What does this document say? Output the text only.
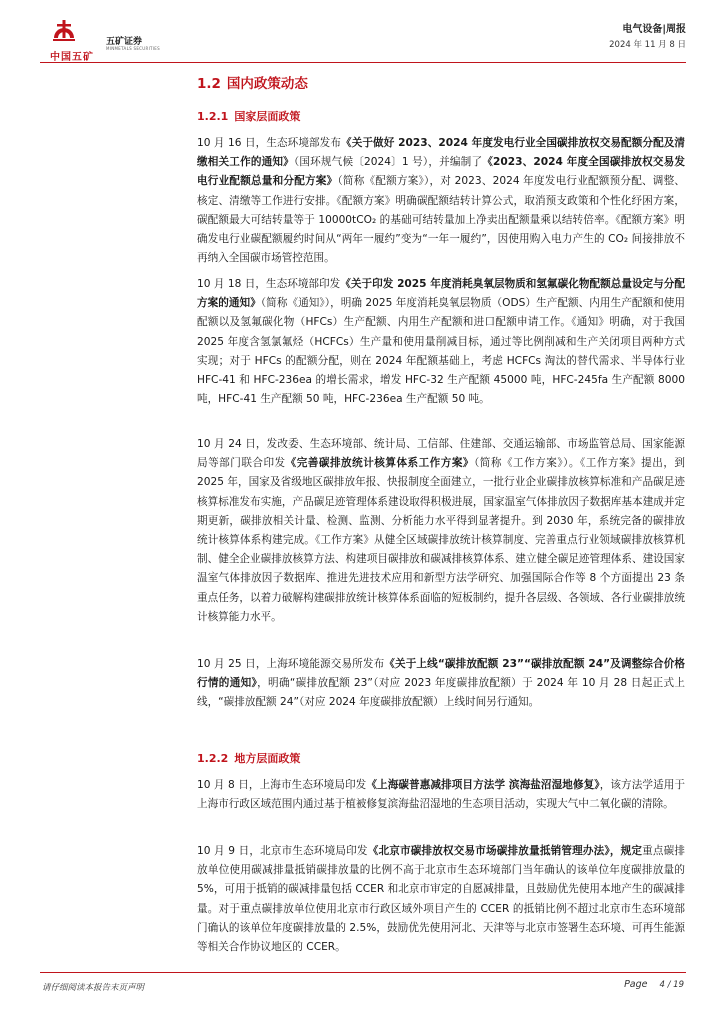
中国五矿
五矿证券
MINMETALS SECURITIES
电气设备|周报
2024 年 11 月 8 日
1.2 国内政策动态
1.2.1 国家层面政策

10 月 16 日，生态环境部发布《关于做好 2023、2024 年度发电行业全国碳排放权交易配额分配及清缴相关工作的通知》（国环规气候〔2024〕1 号），并编制了《2023、2024 年度全国碳排放权交易发电行业配额总量和分配方案》（简称《配额方案》），对 2023、2024 年度发电行业配额预分配、调整、核定、清缴等工作进行安排。《配额方案》明确碳配额结转计算公式，取消预支政策和个性化纾困方案，碳配额最大可结转量等于 10000tCO₂ 的基础可结转量加上净卖出配额量乘以结转倍率。《配额方案》明确发电行业碳配额履约时间从“两年一履约”变为“一年一履约”，因使用购入电力产生的 CO₂ 间接排放不再纳入全国碳市场管控范围。

10 月 18 日，生态环境部印发《关于印发 2025 年度消耗臭氧层物质和氢氟碳化物配额总量设定与分配方案的通知》（简称《通知》），明确 2025 年度消耗臭氧层物质（ODS）生产配额、内用生产配额和使用配额以及氢氟碳化物（HFCs）生产配额、内用生产配额和进口配额申请工作。《通知》明确，对于我国 2025 年度含氢氯氟烃（HCFCs）生产量和使用量削减目标，通过等比例削减和生产关闭项目两种方式实现；对于 HFCs 的配额分配，则在 2024 年配额基础上，考虑 HCFCs 淘汰的替代需求、半导体行业 HFC-41 和 HFC-236ea 的增长需求，增发 HFC-32 生产配额 45000 吨，HFC-245fa 生产配额 8000 吨，HFC-41 生产配额 50 吨，HFC-236ea 生产配额 50 吨。

10 月 24 日，发改委、生态环境部、统计局、工信部、住建部、交通运输部、市场监管总局、国家能源局等部门联合印发《完善碳排放统计核算体系工作方案》（简称《工作方案》）。《工作方案》提出，到 2025 年，国家及省级地区碳排放年报、快报制度全面建立，一批行业企业碳排放核算标准和产品碳足迹核算标准发布实施，产品碳足迹管理体系建设取得积极进展，国家温室气体排放因子数据库基本建成并定期更新，碳排放相关计量、检测、监测、分析能力水平得到显著提升。到 2030 年，系统完备的碳排放统计核算体系构建完成。《工作方案》从健全区域碳排放统计核算制度、完善重点行业领域碳排放核算机制、健全企业碳排放核算方法、构建项目碳排放和碳减排核算体系、建立健全碳足迹管理体系、建设国家温室气体排放因子数据库、推进先进技术应用和新型方法学研究、加强国际合作等 8 个方面提出 23 条重点任务，以着力破解构建碳排放统计核算体系面临的短板制约，提升各层级、各领域、各行业碳排放统计核算能力水平。

10 月 25 日，上海环境能源交易所发布《关于上线“碳排放配额 23”“碳排放配额 24”及调整综合价格行情的通知》，明确“碳排放配额 23”（对应 2023 年度碳排放配额）于 2024 年 10 月 28 日起正式上线，“碳排放配额 24”（对应 2024 年度碳排放配额）上线时间另行通知。

1.2.2 地方层面政策

10 月 8 日，上海市生态环境局印发《上海碳普惠减排项目方法学 滨海盐沼湿地修复》，该方法学适用于上海市行政区域范围内通过基于植被修复滨海盐沼湿地的生态项目活动，实现大气中二氧化碳的清除。

10 月 9 日，北京市生态环境局印发《北京市碳排放权交易市场碳排放量抵销管理办法》，规定重点碳排放单位使用碳减排量抵销碳排放量的比例不高于北京市生态环境部门当年确认的该单位年度碳排放量的 5%，可用于抵销的碳减排量包括 CCER 和北京市审定的自愿减排量，且鼓励优先使用本地产生的碳减排量。对于重点碳排放单位使用北京市行政区域外项目产生的 CCER 的抵销比例不超过北京市生态环境部门确认的该单位年度碳排放量的 2.5%，鼓励优先使用河北、天津等与北京市签署生态环境、可再生能源等相关合作协议地区的 CCER。

请仔细阅读本报告末页声明	Page 4 / 19
